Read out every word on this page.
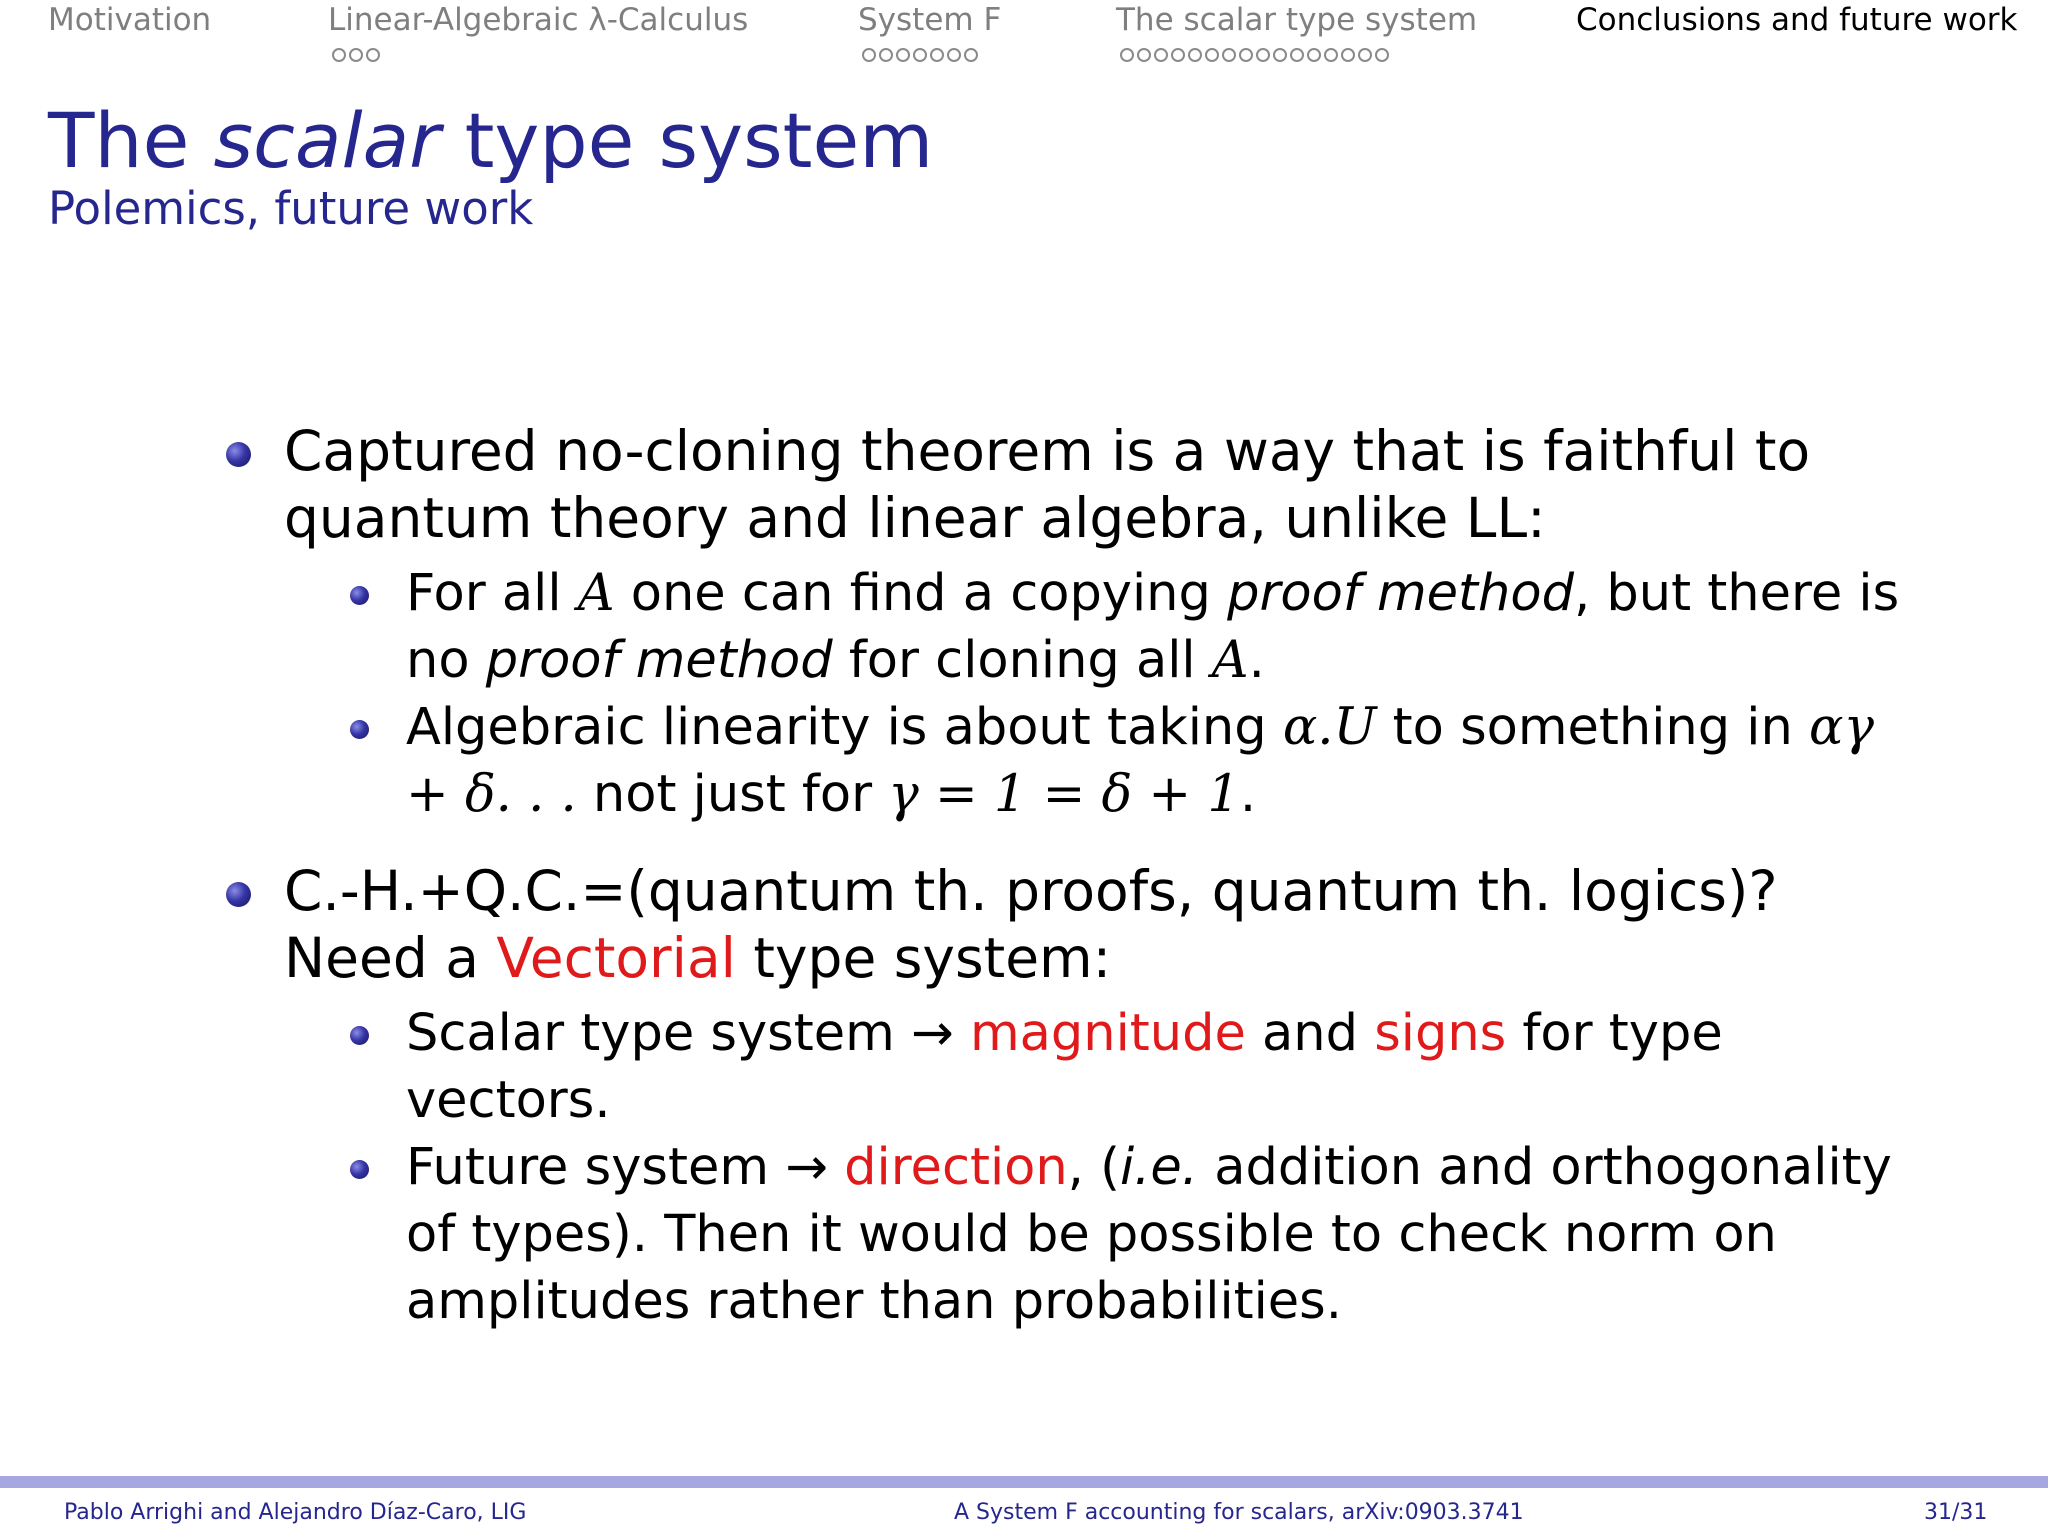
Motivation	Linear-Algebraic λ-Calculus	System F	The scalar type system	Conclusions and future work
The scalar type system
Polemics, future work
Captured no-cloning theorem is a way that is faithful to quantum theory and linear algebra, unlike LL:
For all A one can find a copying proof method, but there is no proof method for cloning all A.
Algebraic linearity is about taking α.U to something in αγ + δ. . . not just for γ = 1 = δ + 1.
C.-H.+Q.C.=(quantum th. proofs, quantum th. logics)? Need a Vectorial type system:
Scalar type system → magnitude and signs for type vectors.
Future system → direction, (i.e. addition and orthogonality of types). Then it would be possible to check norm on amplitudes rather than probabilities.
Pablo Arrighi and Alejandro Díaz-Caro, LIG	A System F accounting for scalars, arXiv:0903.3741	31/31
